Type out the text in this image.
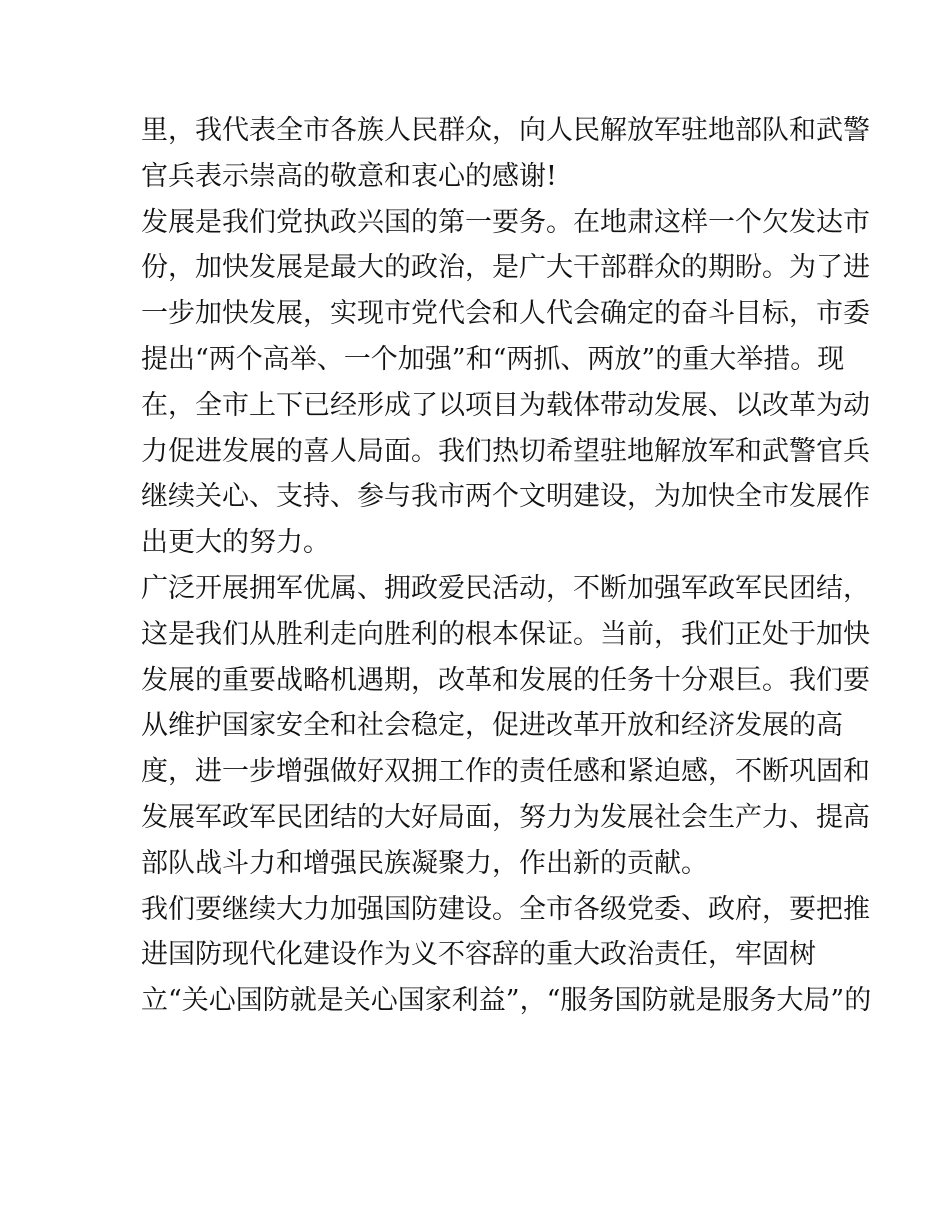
里，我代表全市各族人民群众，向人民解放军驻地部队和武警
官兵表示崇高的敬意和衷心的感谢!
发展是我们党执政兴国的第一要务。在地肃这样一个欠发达市
份，加快发展是最大的政治，是广大干部群众的期盼。为了进
一步加快发展，实现市党代会和人代会确定的奋斗目标，市委
提出“两个高举、一个加强”和“两抓、两放”的重大举措。现
在，全市上下已经形成了以项目为载体带动发展、以改革为动
力促进发展的喜人局面。我们热切希望驻地解放军和武警官兵
继续关心、支持、参与我市两个文明建设，为加快全市发展作
出更大的努力。
广泛开展拥军优属、拥政爱民活动，不断加强军政军民团结，
这是我们从胜利走向胜利的根本保证。当前，我们正处于加快
发展的重要战略机遇期，改革和发展的任务十分艰巨。我们要
从维护国家安全和社会稳定，促进改革开放和经济发展的高
度，进一步增强做好双拥工作的责任感和紧迫感，不断巩固和
发展军政军民团结的大好局面，努力为发展社会生产力、提高
部队战斗力和增强民族凝聚力，作出新的贡献。
我们要继续大力加强国防建设。全市各级党委、政府，要把推
进国防现代化建设作为义不容辞的重大政治责任，牢固树
立“关心国防就是关心国家利益”，“服务国防就是服务大局”的
